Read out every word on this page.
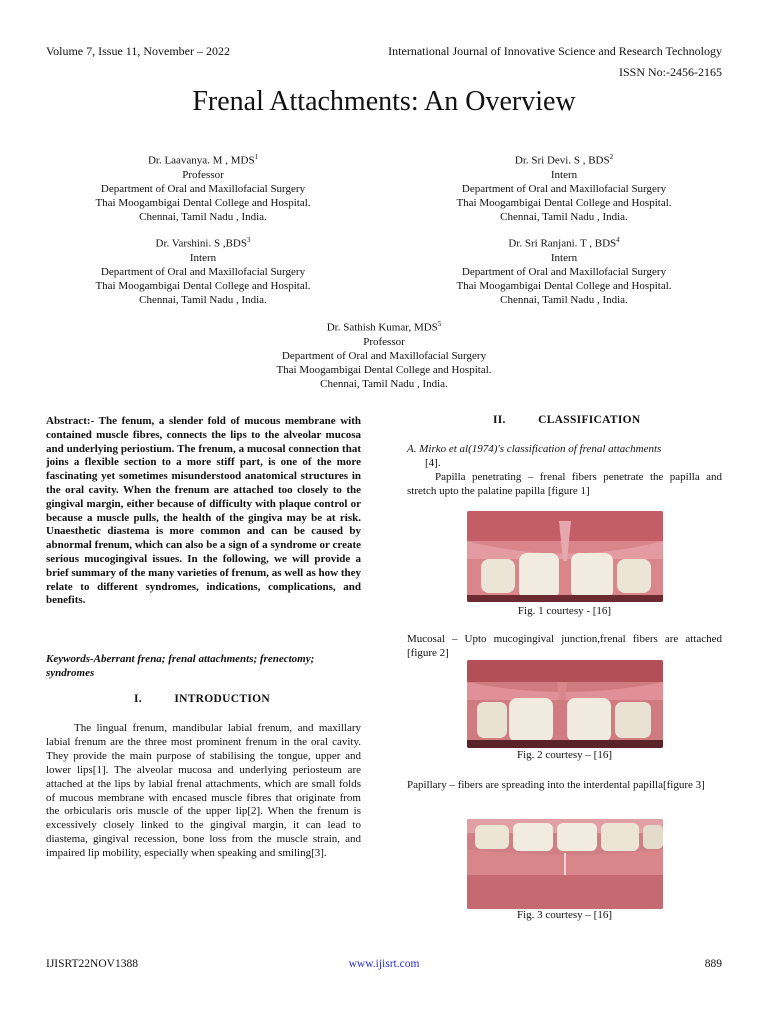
Volume 7, Issue 11, November – 2022	International Journal of Innovative Science and Research Technology
ISSN No:-2456-2165
Frenal Attachments: An Overview
Dr. Laavanya. M , MDS$^1$
Professor
Department of Oral and Maxillofacial Surgery
Thai Moogambigai Dental College and Hospital.
Chennai, Tamil Nadu , India.
Dr. Sri Devi. S , BDS$^2$
Intern
Department of Oral and Maxillofacial Surgery
Thai Moogambigai Dental College and Hospital.
Chennai, Tamil Nadu , India.
Dr. Varshini. S ,BDS$^3$
Intern
Department of Oral and Maxillofacial Surgery
Thai Moogambigai Dental College and Hospital.
Chennai, Tamil Nadu , India.
Dr. Sri Ranjani. T , BDS$^4$
Intern
Department of Oral and Maxillofacial Surgery
Thai Moogambigai Dental College and Hospital.
Chennai, Tamil Nadu , India.
Dr. Sathish Kumar, MDS$^5$
Professor
Department of Oral and Maxillofacial Surgery
Thai Moogambigai Dental College and Hospital.
Chennai, Tamil Nadu , India.
Abstract:- The fenum, a slender fold of mucous membrane with contained muscle fibres, connects the lips to the alveolar mucosa and underlying periostium. The frenum, a mucosal connection that joins a flexible section to a more stiff part, is one of the more fascinating yet sometimes misunderstood anatomical structures in the oral cavity. When the frenum are attached too closely to the gingival margin, either because of difficulty with plaque control or because a muscle pulls, the health of the gingiva may be at risk. Unaesthetic diastema is more common and can be caused by abnormal frenum, which can also be a sign of a syndrome or create serious mucogingival issues. In the following, we will provide a brief summary of the many varieties of frenum, as well as how they relate to different syndromes, indications, complications, and benefits.
Keywords-Aberrant frena; frenal attachments; frenectomy; syndromes
I.	INTRODUCTION
The lingual frenum, mandibular labial frenum, and maxillary labial frenum are the three most prominent frenum in the oral cavity. They provide the main purpose of stabilising the tongue, upper and lower lips[1]. The alveolar mucosa and underlying periosteum are attached at the lips by labial frenal attachments, which are small folds of mucous membrane with encased muscle fibres that originate from the orbicularis oris muscle of the upper lip[2]. When the frenum is excessively closely linked to the gingival margin, it can lead to diastema, gingival recession, bone loss from the muscle strain, and impaired lip mobility, especially when speaking and smiling[3].
II.	CLASSIFICATION
A. Mirko et al(1974)'s classification of frenal attachments
[4].
Papilla penetrating – frenal fibers penetrate the papilla and stretch upto the palatine papilla [figure 1]
Fig. 1 courtesy - [16]
Mucosal – Upto mucogingival junction,frenal fibers are attached [figure 2]
Fig. 2 courtesy – [16]
Papillary – fibers are spreading into the interdental papilla[figure 3]
Fig. 3 courtesy – [16]
IJISRT22NOV1388	www.ijisrt.com	889
